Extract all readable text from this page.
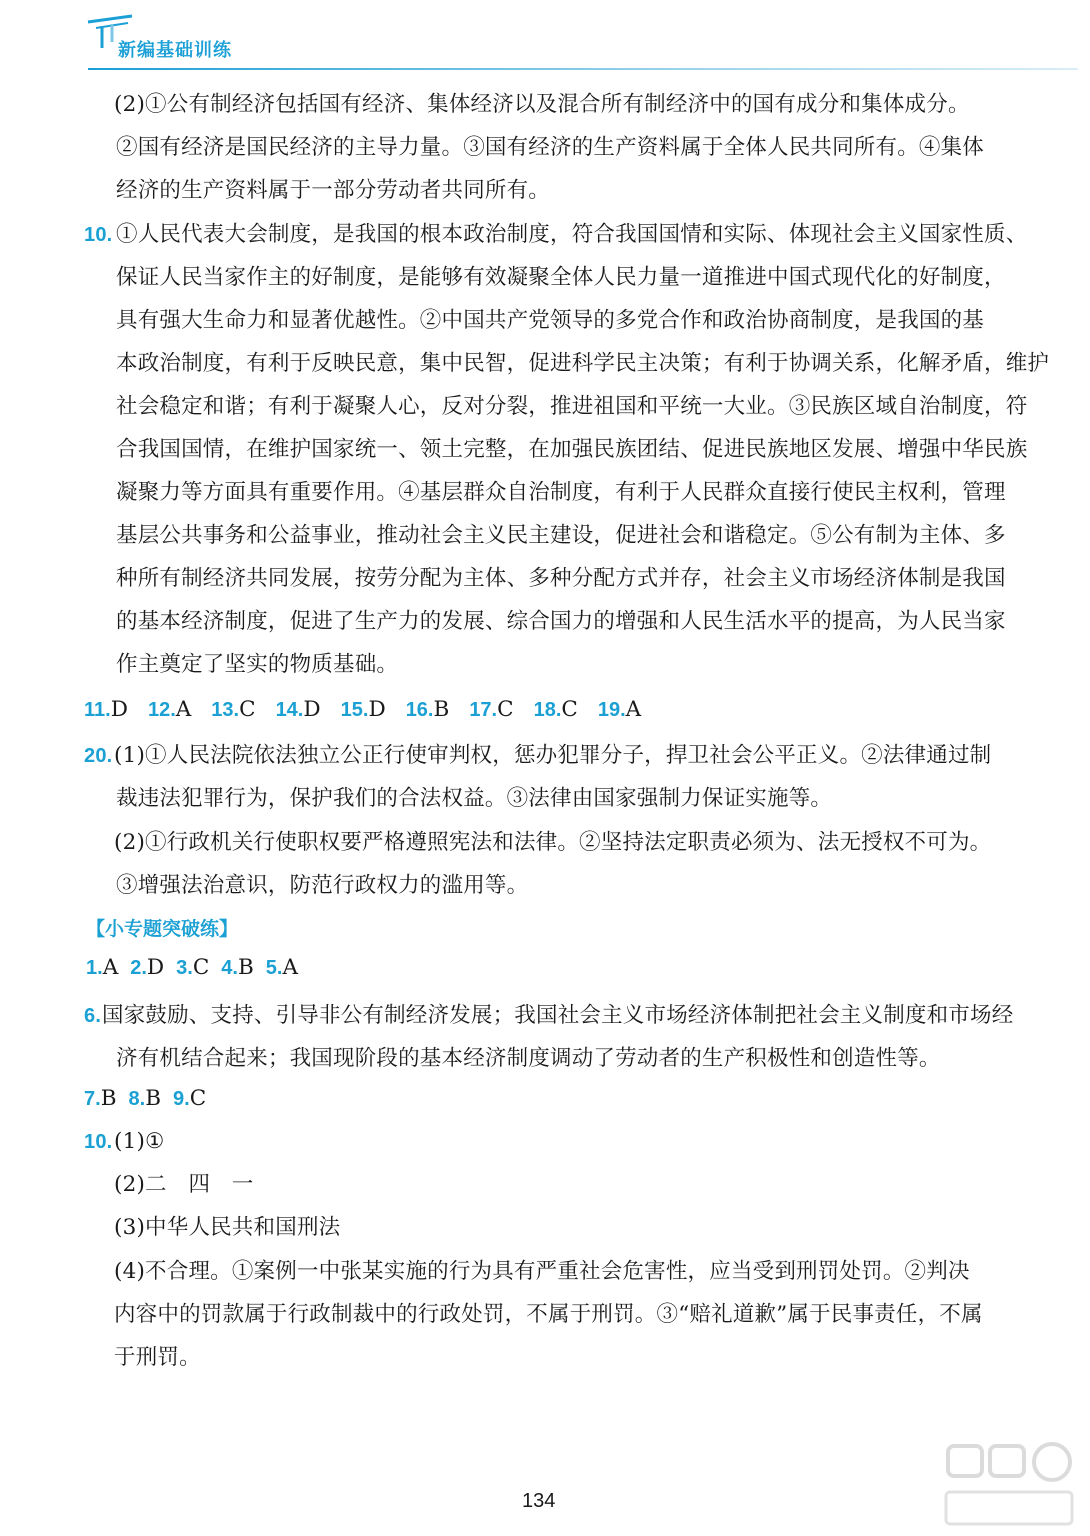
新编基础训练
(2)①公有制经济包括国有经济、集体经济以及混合所有制经济中的国有成分和集体成分。
②国有经济是国民经济的主导力量。③国有经济的生产资料属于全体人民共同所有。④集体
经济的生产资料属于一部分劳动者共同所有。
10. ①人民代表大会制度，是我国的根本政治制度，符合我国国情和实际、体现社会主义国家性质、
保证人民当家作主的好制度，是能够有效凝聚全体人民力量一道推进中国式现代化的好制度，
具有强大生命力和显著优越性。②中国共产党领导的多党合作和政治协商制度，是我国的基
本政治制度，有利于反映民意，集中民智，促进科学民主决策；有利于协调关系，化解矛盾，维护
社会稳定和谐；有利于凝聚人心，反对分裂，推进祖国和平统一大业。③民族区域自治制度，符
合我国国情，在维护国家统一、领土完整，在加强民族团结、促进民族地区发展、增强中华民族
凝聚力等方面具有重要作用。④基层群众自治制度，有利于人民群众直接行使民主权利，管理
基层公共事务和公益事业，推动社会主义民主建设，促进社会和谐稳定。⑤公有制为主体、多
种所有制经济共同发展，按劳分配为主体、多种分配方式并存，社会主义市场经济体制是我国
的基本经济制度，促进了生产力的发展、综合国力的增强和人民生活水平的提高，为人民当家
作主奠定了坚实的物质基础。
11.D 12.A 13.C 14.D 15.D 16.B 17.C 18.C 19.A
20. (1)①人民法院依法独立公正行使审判权，惩办犯罪分子，捍卫社会公平正义。②法律通过制
裁违法犯罪行为，保护我们的合法权益。③法律由国家强制力保证实施等。
(2)①行政机关行使职权要严格遵照宪法和法律。②坚持法定职责必须为、法无授权不可为。
③增强法治意识，防范行政权力的滥用等。
【小专题突破练】
1.A 2.D 3.C 4.B 5.A
6. 国家鼓励、支持、引导非公有制经济发展；我国社会主义市场经济体制把社会主义制度和市场经
济有机结合起来；我国现阶段的基本经济制度调动了劳动者的生产积极性和创造性等。
7.B 8.B 9.C
10. (1)①
(2)二　四　一
(3)中华人民共和国刑法
(4)不合理。①案例一中张某实施的行为具有严重社会危害性，应当受到刑罚处罚。②判决
内容中的罚款属于行政制裁中的行政处罚，不属于刑罚。③“赔礼道歉”属于民事责任，不属
于刑罚。
134
